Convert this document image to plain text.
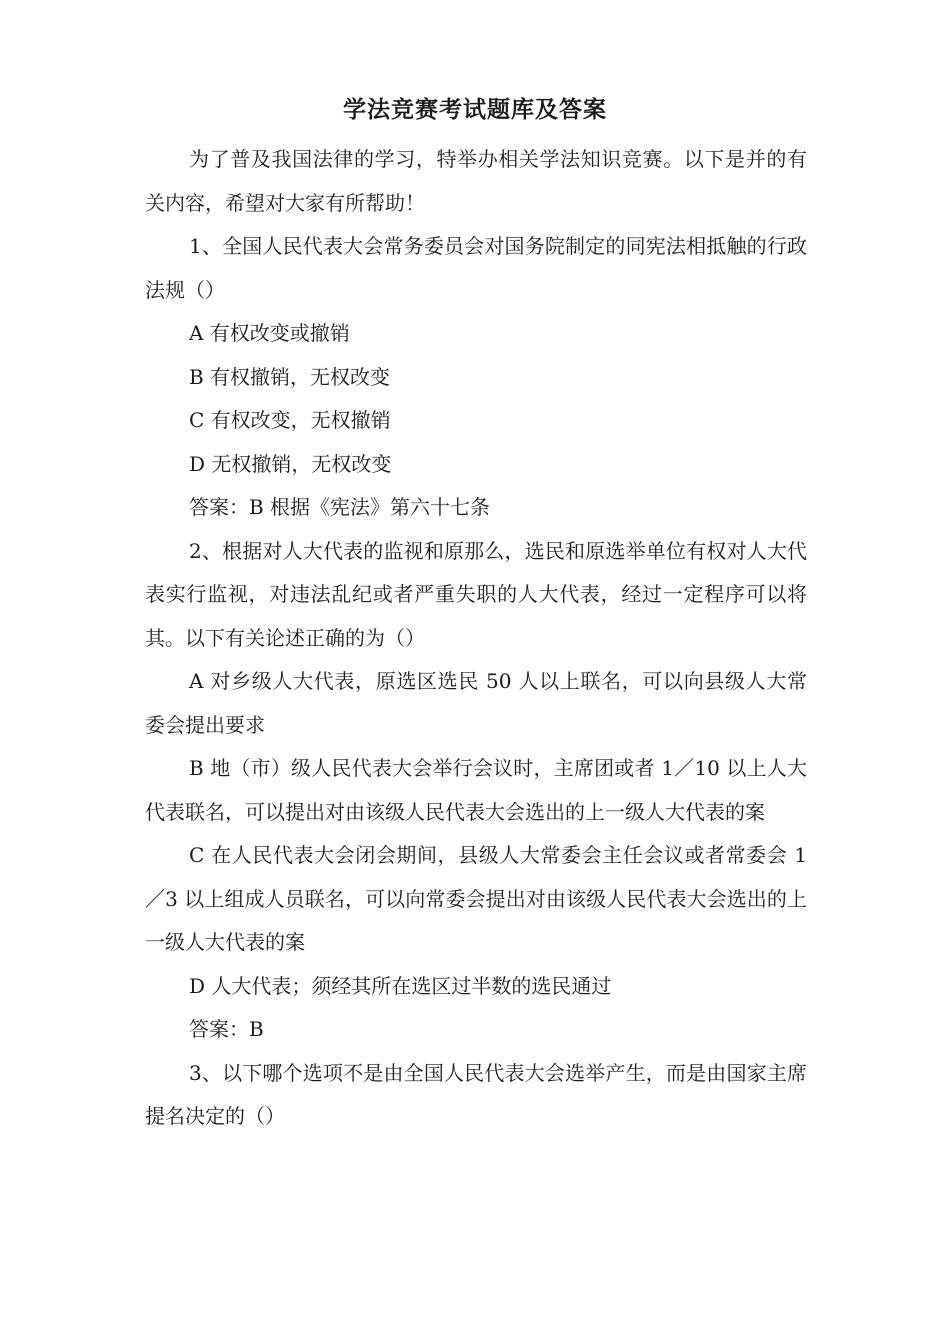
学法竞赛考试题库及答案

为了普及我国法律的学习，特举办相关学法知识竞赛。以下是并的有关内容，希望对大家有所帮助！

1、全国人民代表大会常务委员会对国务院制定的同宪法相抵触的行政法规（）

A 有权改变或撤销

B 有权撤销，无权改变

C 有权改变，无权撤销

D 无权撤销，无权改变

答案：B 根据《宪法》第六十七条

2、根据对人大代表的监视和原那么，选民和原选举单位有权对人大代表实行监视，对违法乱纪或者严重失职的人大代表，经过一定程序可以将其。以下有关论述正确的为（）

A 对乡级人大代表，原选区选民 50 人以上联名，可以向县级人大常委会提出要求

B 地（市）级人民代表大会举行会议时，主席团或者 1／10 以上人大代表联名，可以提出对由该级人民代表大会选出的上一级人大代表的案

C 在人民代表大会闭会期间，县级人大常委会主任会议或者常委会 1／3 以上组成人员联名，可以向常委会提出对由该级人民代表大会选出的上一级人大代表的案

D 人大代表；须经其所在选区过半数的选民通过

答案：B

3、以下哪个选项不是由全国人民代表大会选举产生，而是由国家主席提名决定的（）
